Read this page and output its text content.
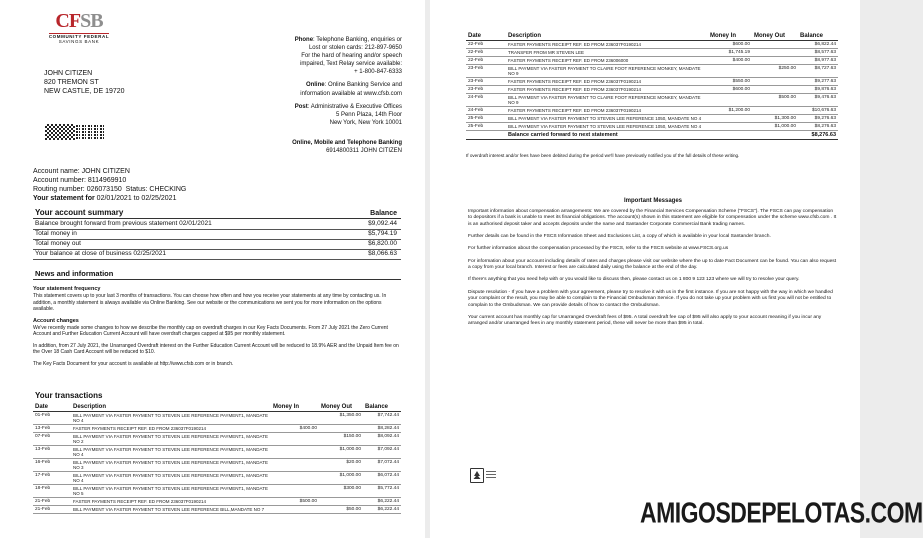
CFSB
COMMUNITY FEDERAL
SAVINGS BANK
JOHN CITIZEN
820 TREMON ST
NEW CASTLE, DE 19720
Phone: Telephone Banking, enquiries or
Lost or stolen cards: 212-897-9650
For the hard of hearing and/or speech
impaired, Text Relay service available:
+ 1-800-847-6333
Online: Online Banking Service and
information available at www.cfsb.com
Post: Administrative & Executive Offices
5 Penn Plaza, 14th Floor
New York, New York 10001
Online, Mobile and Telephone Banking
6914800311 JOHN CITIZEN
Account name: JOHN CITIZEN
Account number: 8114969910
Routing number: 026073150 Status: CHECKING
Your statement for 02/01/2021 to 02/25/2021
Your account summary	Balance
Balance brought forward from previous statement 02/01/2021	$9,092.44
Total money in	$5,794.19
Total money out	$6,820.00
Your balance at close of business 02/25/2021	$8,066.63
News and information
Your statement frequency
This statement covers up to your last 3 months of transactions. You can choose how often and how you receive your statements at any time by contacting us. In addition, a monthly statement is always available via Online Banking. See our website or the communications we sent you for more information on the options available.
Account changes
We've recently made some changes to how we describe the monthly cap on overdraft charges in our Key Facts Documents. From 27 July 2021 the Zero Current Account and Further Education Current Account will have overdraft charges capped at $95 per monthly statement.
In addition, from 27 July 2021, the Unarranged Overdraft interest on the Further Education Current Account will be reduced to 18.9% AER and the Unpaid Item fee on the Over 18 Cash Card Account will be reduced to $10.
The Key Facts Document for your account is available at http://www.cfsb.com or in branch.
Your transactions
Date	Description	Money In	Money Out	Balance
01-Feb	BILL PAYMENT VIA FASTER PAYMENT TO STEVEN LEE REFERENCE PAYMENT1, MANDATE NO 4		$1,350.00	$7,742.44
13-Feb	FASTER PAYMENTS RECEIPT REF. ED FROM 236037F0190214	$400.00		$8,282.44
07-Feb	BILL PAYMENT VIA FASTER PAYMENT TO STEVEN LEE REFERENCE PAYMENT1, MANDATE NO 2		$150.00	$8,092.44
13-Feb	BILL PAYMENT VIA FASTER PAYMENT TO STEVEN LEE REFERENCE PAYMENT1, MANDATE NO 4		$1,000.00	$7,092.44
16-Feb	BILL PAYMENT VIA FASTER PAYMENT TO STEVEN LEE REFERENCE PAYMENT1, MANDATE NO 3		$20.00	$7,072.44
17-Feb	BILL PAYMENT VIA FASTER PAYMENT TO STEVEN LEE REFERENCE PAYMENT1, MANDATE NO 4		$1,000.00	$6,072.44
18-Feb	BILL PAYMENT VIA FASTER PAYMENT TO STEVEN LEE REFERENCE PAYMENT1, MANDATE NO 5		$300.00	$5,772.44
21-Feb	FASTER PAYMENTS RECEIPT REF. ED FROM 236037F0190214	$500.00		$6,222.44
21-Feb	BILL PAYMENT VIA FASTER PAYMENT TO STEVEN LEE REFERENCE BILL,MANDATE NO 7		$50.00	$6,222.44
Date	Description	Money In	Money Out	Balance
22-Feb	FASTER PAYMENTS RECEIPT REF. ED FROM 236037F0190214	$600.00		$6,822.44
22-Feb	TRANSFER FROM MR STEVEN LEE	$1,745.19		$8,577.63
22-Feb	FASTER PAYMENTS RECEIPT REF. ED FROM 236006000	$400.00		$8,977.63
23-Feb	BILL PAYMENT VIA FASTER PAYMENT TO CLAIRE FOOT REFERENCE MONKEY, MANDATE NO 9		$250.00	$8,727.63
23-Feb	FASTER PAYMENTS RECEIPT REF. ED FROM 236037F0190214	$550.00		$9,277.63
23-Feb	FASTER PAYMENTS RECEIPT REF. ED FROM 236037F0190214	$600.00		$9,876.63
24-Feb	BILL PAYMENT VIA FASTER PAYMENT TO CLAIRE FOOT REFERENCE MONKEY, MANDATE NO 9		$500.00	$9,476.63
24-Feb	FASTER PAYMENTS RECEIPT REF. ED FROM 236037F0190214	$1,200.00		$10,676.63
25-Feb	BILL PAYMENT VIA FASTER PAYMENT TO STEVEN LEE REFERENCE 1050, MANDATE NO 4		$1,300.00	$9,276.63
25-Feb	BILL PAYMENT VIA FASTER PAYMENT TO STEVEN LEE REFERENCE 1050, MANDATE NO 4		$1,000.00	$8,276.63
	Balance carried forward to next statement			$8,276.63
If overdraft interest and/or fees have been debited during the period we'll have previously notified you of the full details of these writing.
Important Messages
Important information about compensation arrangements: We are covered by the Financial Services Compensation Scheme ("FSCS"). The FSCS can pay compensation to depositors if a bank is unable to meet its financial obligations. The account(s) shown in this statement are eligible for compensation under the scheme www.cfsb.com . It is an authorised deposit taker and accepts deposits under the name and Santander Corporate Commercial Bank trading names.
Further details can be found in the FSCS Information Sheet and Exclusions List, a copy of which is available in your local Santander branch.
For further information about the compensation processed by the FSCS, refer to the FSCS website at www.FSCS.org.us
For information about your account including details of rates and charges please visit our website where the up to date Fact Document can be found. You can also request a copy from your local branch. Interest or fees are calculated daily using the balance at the end of the day.
If there's anything that you need help with or you would like to discuss then, please contact us on 1 800 9 123 123 where we will try to resolve your query.
Dispute resolution - If you have a problem with your agreement, please try to resolve it with us in the first instance. If you are not happy with the way in which we handled your complaint or the result, you may be able to complain to the Financial Ombudsman Service. If you do not take up your problem with us first you will not be entitled to complain to the Ombudsman. We can provide details of how to contact the Ombudsman.
Your current account has monthly cap for Unarranged Overdraft fees of $95. A total overdraft fee cap of $95 will also apply to your account meaning if you incur any arranged and/or unarranged fees in any monthly statement period, these will never be more than $95 in total.
AMIGOSDEPELOTAS.COM
